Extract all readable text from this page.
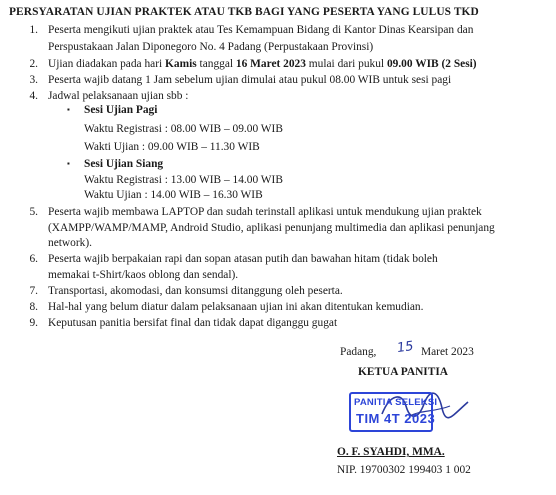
PERSYARATAN UJIAN PRAKTEK ATAU TKB BAGI YANG PESERTA YANG LULUS TKD
1. Peserta mengikuti ujian praktek atau Tes Kemampuan Bidang di Kantor Dinas Kearsipan dan
Perspustakaan Jalan Diponegoro No. 4 Padang (Perpustakaan Provinsi)
2. Ujian diadakan pada hari Kamis tanggal 16 Maret 2023 mulai dari pukul 09.00 WIB (2 Sesi)
3. Peserta wajib datang 1 Jam sebelum ujian dimulai atau pukul 08.00 WIB untuk sesi pagi
4. Jadwal pelaksanaan ujian sbb :
▪ Sesi Ujian Pagi
Waktu Registrasi : 08.00 WIB – 09.00 WIB
Wakti Ujian : 09.00 WIB – 11.30 WIB
▪ Sesi Ujian Siang
Waktu Registrasi : 13.00 WIB – 14.00 WIB
Waktu Ujian : 14.00 WIB – 16.30 WIB
5. Peserta wajib membawa LAPTOP dan sudah terinstall aplikasi untuk mendukung ujian praktek
(XAMPP/WAMP/MAMP, Android Studio, aplikasi penunjang multimedia dan aplikasi penunjang
network).
6. Peserta wajib berpakaian rapi dan sopan atasan putih dan bawahan hitam (tidak boleh
memakai t-Shirt/kaos oblong dan sendal).
7. Transportasi, akomodasi, dan konsumsi ditanggung oleh peserta.
8. Hal-hal yang belum diatur dalam pelaksanaan ujian ini akan ditentukan kemudian.
9. Keputusan panitia bersifat final dan tidak dapat diganggu gugat
Padang, 15 Maret 2023
KETUA PANITIA
PANITIA SELEKSI
TIM 4T 2023
O. F. SYAHDI, MMA.
NIP. 19700302 199403 1 002
